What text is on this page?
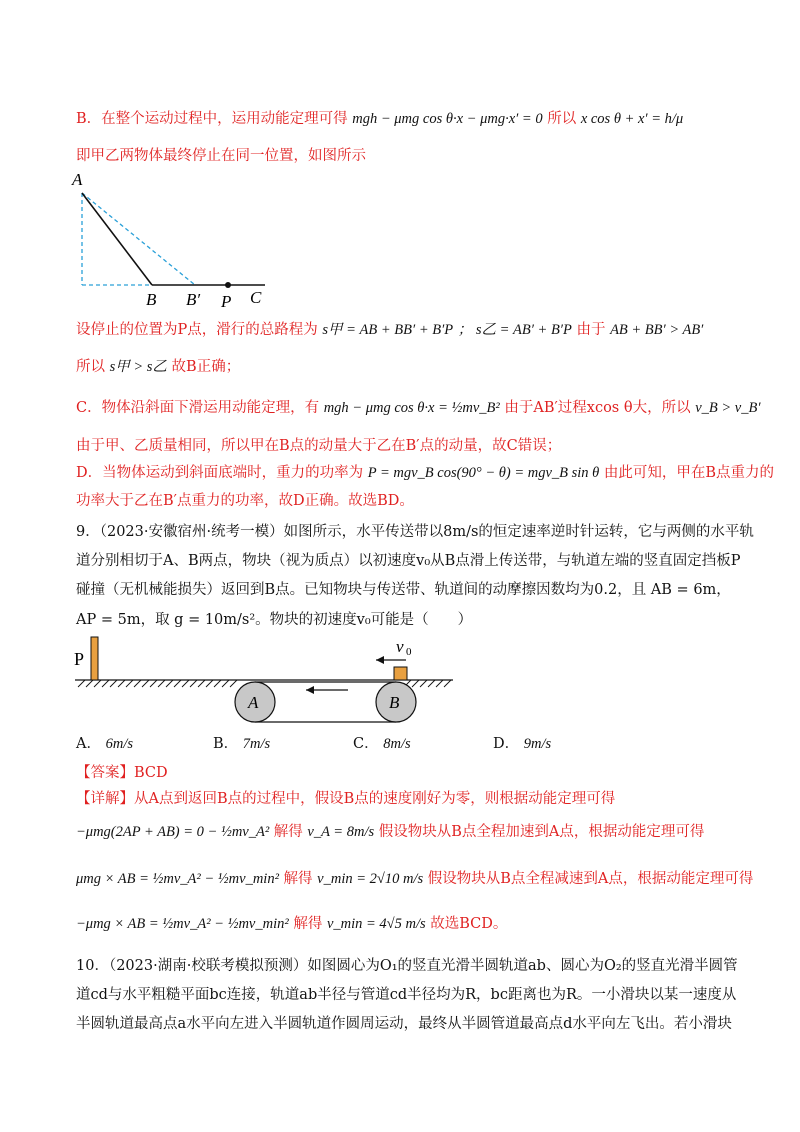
B．在整个运动过程中，运用动能定理可得 mgh − μmg cos θ·x − μmg·x′ = 0 所以 x cos θ + x′ = h/μ
即甲乙两物体最终停止在同一位置，如图所示
A
B B′ P C
设停止的位置为P点，滑行的总路程为 s甲 = AB + BB′ + B′P ； s乙 = AB′ + B′P 由于 AB + BB′ > AB′
所以 s甲 > s乙 故B正确；
C．物体沿斜面下滑运用动能定理，有 mgh − μmg cos θ·x = ½mv_B² 由于AB′过程xcos θ大，所以 v_B > v_B′
由于甲、乙质量相同，所以甲在B点的动量大于乙在B′点的动量，故C错误；
D．当物体运动到斜面底端时，重力的功率为 P = mgv_B cos(90° − θ) = mgv_B sin θ 由此可知，甲在B点重力的
功率大于乙在B′点重力的功率，故D正确。故选BD。
9．（2023·安徽宿州·统考一模）如图所示，水平传送带以8m/s的恒定速率逆时针运转，它与两侧的水平轨
道分别相切于A、B两点，物块（视为质点）以初速度v₀从B点滑上传送带，与轨道左端的竖直固定挡板P
碰撞（无机械能损失）返回到B点。已知物块与传送带、轨道间的动摩擦因数均为0.2，且 AB = 6m，
AP = 5m，取 g = 10m/s²。物块的初速度v₀可能是（　　）
P
A	B
v 0
A． 6m/s	B． 7m/s	C． 8m/s	D． 9m/s
【答案】BCD
【详解】从A点到返回B点的过程中，假设B点的速度刚好为零，则根据动能定理可得
−μmg(2AP + AB) = 0 − ½mv_A² 解得 v_A = 8m/s 假设物块从B点全程加速到A点，根据动能定理可得
μmg × AB = ½mv_A² − ½mv_min² 解得 v_min = 2√10 m/s 假设物块从B点全程减速到A点，根据动能定理可得
−μmg × AB = ½mv_A² − ½mv_min² 解得 v_min = 4√5 m/s 故选BCD。
10．（2023·湖南·校联考模拟预测）如图圆心为O₁的竖直光滑半圆轨道ab、圆心为O₂的竖直光滑半圆管
道cd与水平粗糙平面bc连接，轨道ab半径与管道cd半径均为R，bc距离也为R。一小滑块以某一速度从
半圆轨道最高点a水平向左进入半圆轨道作圆周运动，最终从半圆管道最高点d水平向左飞出。若小滑块
